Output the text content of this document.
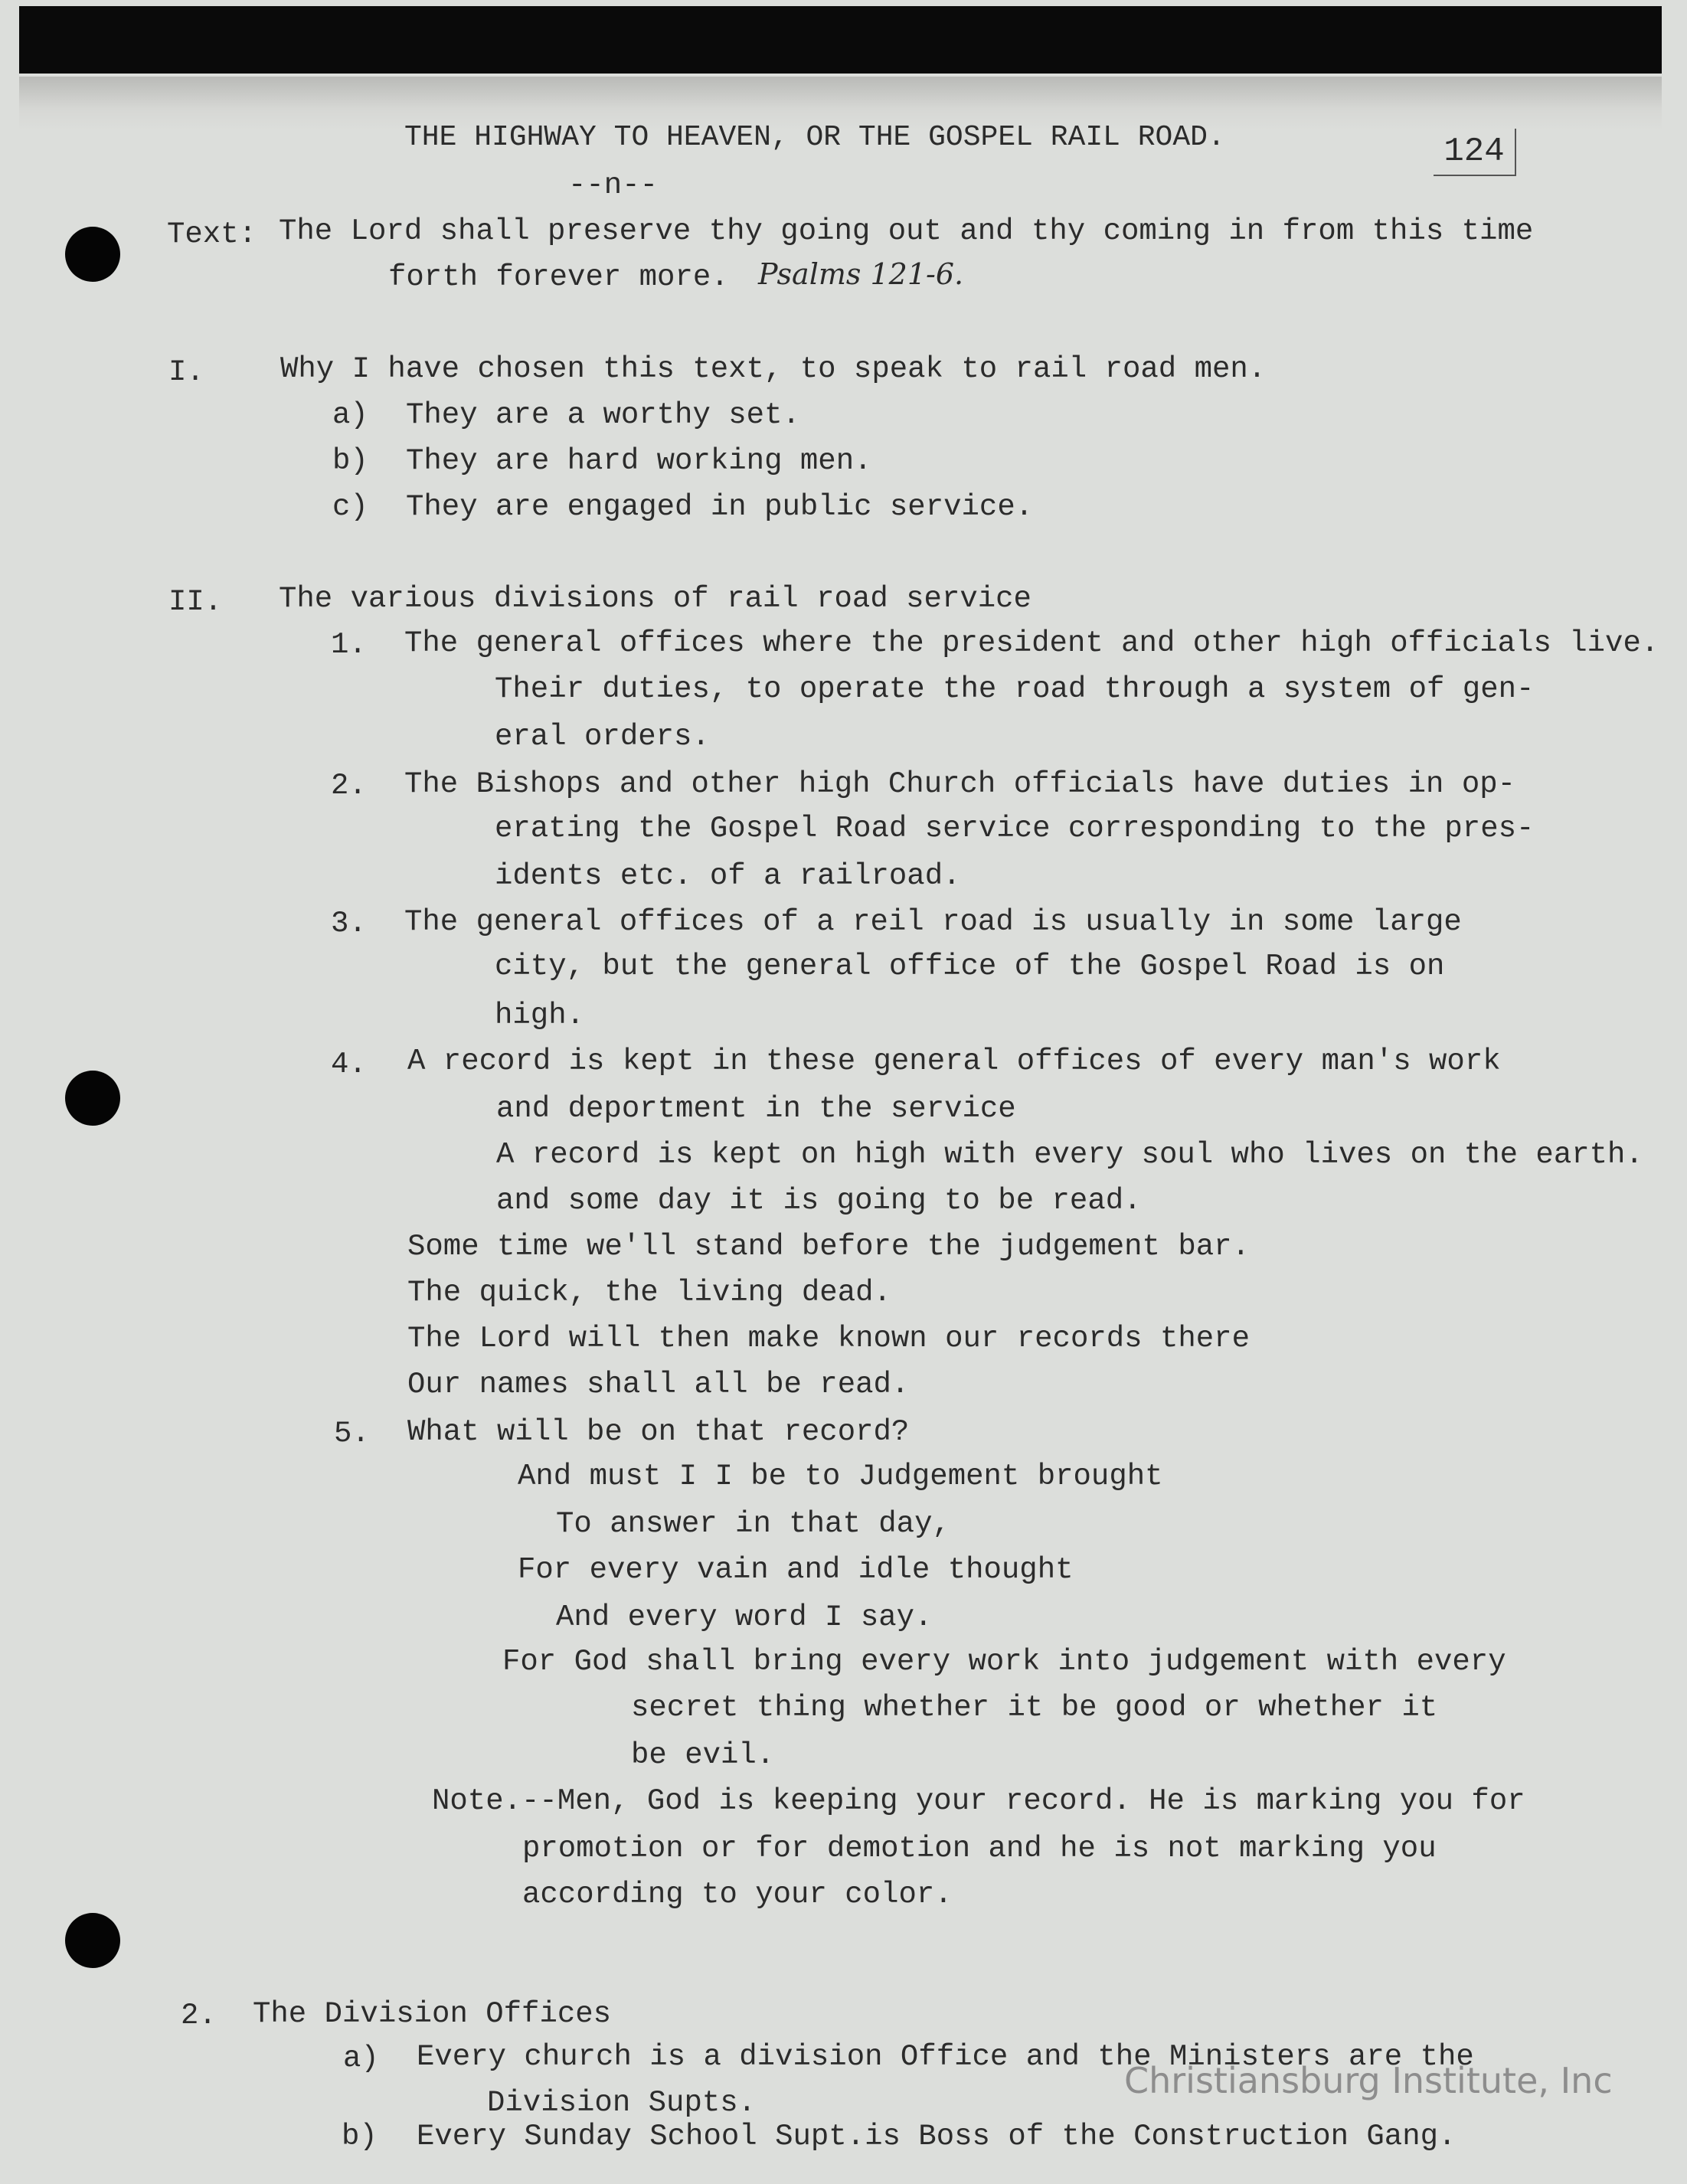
124
THE HIGHWAY TO HEAVEN, OR THE GOSPEL RAIL ROAD.
--n--
Text: The Lord shall preserve thy going out and thy coming in from this time
forth forever more. Psalms 121-6.
I.	Why I have chosen this text, to speak to rail road men.
a) They are a worthy set.
b) They are hard working men.
c) They are engaged in public service.
II. The various divisions of rail road service
1. The general offices where the president and other high officials live.
Their duties, to operate the road through a system of gen-
eral orders.
2. The Bishops and other high Church officials have duties in op-
erating the Gospel Road service corresponding to the pres-
idents etc. of a railroad.
3. The general offices of a reil road is usually in some large
city, but the general office of the Gospel Road is on
high.
4. A record is kept in these general offices of every man's work
and deportment in the service
A record is kept on high with every soul who lives on the earth.
and some day it is going to be read.
Some time we'll stand before the judgement bar.
The quick, the living dead.
The Lord will then make known our records there
Our names shall all be read.
5. What will be on that record?
And must I I be to Judgement brought
To answer in that day,
For every vain and idle thought
And every word I say.
For God shall bring every work into judgement with every
secret thing whether it be good or whether it
be evil.
Note.--Men, God is keeping your record. He is marking you for
promotion or for demotion and he is not marking you
according to your color.
2. The Division Offices
a) Every church is a division Office and the Ministers are the
Division Supts.
b) Every Sunday School Supt.is Boss of the Construction Gang.
Christiansburg Institute, Inc
